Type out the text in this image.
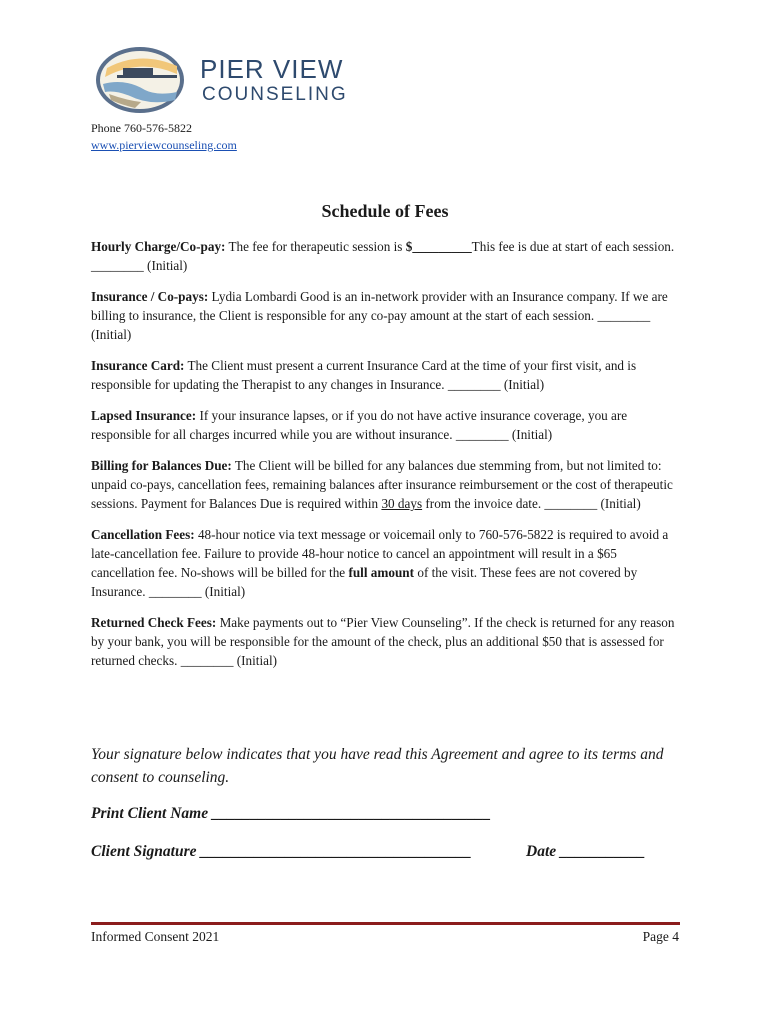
PIER VIEW
COUNSELING
Phone 760-576-5822
www.pierviewcounseling.com
Schedule of Fees

Hourly Charge/Co-pay: The fee for therapeutic session is $_________This fee is due at start of each session. ________ (Initial)

Insurance / Co-pays: Lydia Lombardi Good is an in-network provider with an Insurance company. If we are billing to insurance, the Client is responsible for any co-pay amount at the start of each session. ________ (Initial)

Insurance Card: The Client must present a current Insurance Card at the time of your first visit, and is responsible for updating the Therapist to any changes in Insurance. ________ (Initial)

Lapsed Insurance: If your insurance lapses, or if you do not have active insurance coverage, you are responsible for all charges incurred while you are without insurance. ________ (Initial)

Billing for Balances Due: The Client will be billed for any balances due stemming from, but not limited to: unpaid co-pays, cancellation fees, remaining balances after insurance reimbursement or the cost of therapeutic sessions. Payment for Balances Due is required within 30 days from the invoice date. ________ (Initial)

Cancellation Fees: 48-hour notice via text message or voicemail only to 760-576-5822 is required to avoid a late-cancellation fee. Failure to provide 48-hour notice to cancel an appointment will result in a $65 cancellation fee. No-shows will be billed for the full amount of the visit. These fees are not covered by Insurance. ________ (Initial)

Returned Check Fees: Make payments out to “Pier View Counseling”. If the check is returned for any reason by your bank, you will be responsible for the amount of the check, plus an additional $50 that is assessed for returned checks. ________ (Initial)

Your signature below indicates that you have read this Agreement and agree to its terms and consent to counseling.
Print Client Name ____________________________________
Client Signature ___________________________________	Date ___________
Informed Consent 2021	Page 4
